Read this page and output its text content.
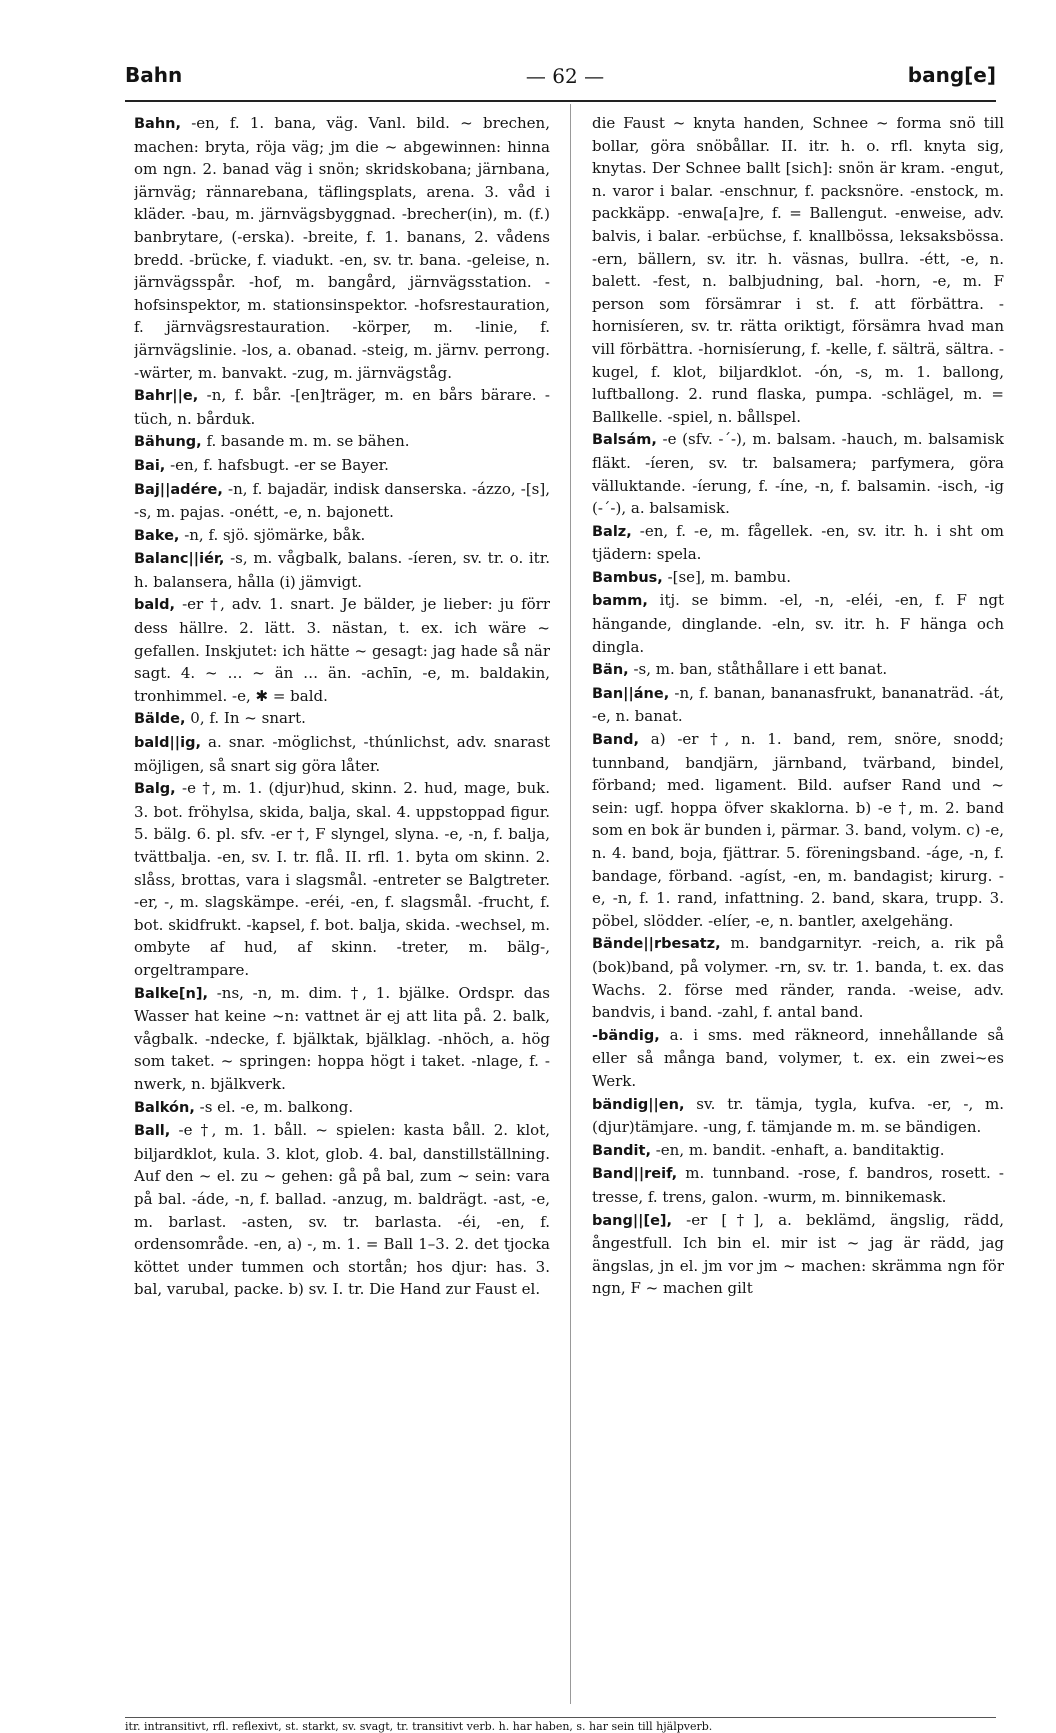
Bahn	— 62 —	bang[e]

Bahn, -en, f. 1. bana, väg. Vanl. bild. ~ brechen, machen: bryta, röja väg; jm die ~ abgewinnen: hinna om ngn. 2. banad väg i snön; skridskobana; järnbana, järnväg; rännarebana, täflingsplats, arena. 3. våd i kläder. -bau, m. järnvägsbyggnad. -brecher(in), m. (f.) banbrytare, (-erska). -breite, f. 1. banans, 2. vådens bredd. -brücke, f. viadukt. -en, sv. tr. bana. -geleise, n. järnvägsspår. -hof, m. bangård, järnvägsstation. -hofsinspektor, m. stationsinspektor. -hofsrestauration, f. järnvägsrestauration. -körper, m. -linie, f. järnvägslinie. -los, a. obanad. -steig, m. järnv. perrong. -wärter, m. banvakt. -zug, m. järnvägståg.

Bahr||e, -n, f. bår. -[en]träger, m. en bårs bärare. -tüch, n. bårduk.

Bähung, f. basande m. m. se bähen.

Bai, -en, f. hafsbugt. -er se Bayer.

Baj||adére, -n, f. bajadär, indisk danserska. -ázzo, -[s], -s, m. pajas. -onétt, -e, n. bajonett.

Bake, -n, f. sjö. sjömärke, båk.

Balanc||iér, -s, m. vågbalk, balans. -íeren, sv. tr. o. itr. h. balansera, hålla (i) jämvigt.

bald, -er †, adv. 1. snart. Je bälder, je lieber: ju förr dess hällre. 2. lätt. 3. nästan, t. ex. ich wäre ~ gefallen. Inskjutet: ich hätte ~ gesagt: jag hade så när sagt. 4. ~ … ~ än … än. -achīn, -e, m. baldakin, tronhimmel. -e, ✱ = bald.

Bälde, 0, f. In ~ snart.

bald||ig, a. snar. -möglichst, -thúnlichst, adv. snarast möjligen, så snart sig göra låter.

Balg, -e †, m. 1. (djur)hud, skinn. 2. hud, mage, buk. 3. bot. fröhylsa, skida, balja, skal. 4. uppstoppad figur. 5. bälg. 6. pl. sfv. -er †, F slyngel, slyna. -e, -n, f. balja, tvättbalja. -en, sv. I. tr. flå. II. rfl. 1. byta om skinn. 2. slåss, brottas, vara i slagsmål. -entreter se Balgtreter. -er, -, m. slagskämpe. -eréi, -en, f. slagsmål. -frucht, f. bot. skidfrukt. -kapsel, f. bot. balja, skida. -wechsel, m. ombyte af hud, af skinn. -treter, m. bälg-, orgeltrampare.

Balke[n], -ns, -n, m. dim. †, 1. bjälke. Ordspr. das Wasser hat keine ~n: vattnet är ej att lita på. 2. balk, vågbalk. -ndecke, f. bjälktak, bjälklag. -nhöch, a. hög som taket. ~ springen: hoppa högt i taket. -nlage, f. -nwerk, n. bjälkverk.

Balkón, -s el. -e, m. balkong.

Ball, -e †, m. 1. båll. ~ spielen: kasta båll. 2. klot, biljardklot, kula. 3. klot, glob. 4. bal, danstillställning. Auf den ~ el. zu ~ gehen: gå på bal, zum ~ sein: vara på bal. -áde, -n, f. ballad. -anzug, m. baldrägt. -ast, -e, m. barlast. -asten, sv. tr. barlasta. -éi, -en, f. ordensområde. -en, a) -, m. 1. = Ball 1–3. 2. det tjocka köttet under tummen och stortån; hos djur: has. 3. bal, varubal, packe. b) sv. I. tr. Die Hand zur Faust el.

die Faust ~ knyta handen, Schnee ~ forma snö till bollar, göra snöbållar. II. itr. h. o. rfl. knyta sig, knytas. Der Schnee ballt [sich]: snön är kram. -engut, n. varor i balar. -enschnur, f. packsnöre. -enstock, m. packkäpp. -enwa[a]re, f. = Ballengut. -enweise, adv. balvis, i balar. -erbüchse, f. knallbössa, leksaksbössa. -ern, bällern, sv. itr. h. väsnas, bullra. -étt, -e, n. balett. -fest, n. balbjudning, bal. -horn, -e, m. F person som försämrar i st. f. att förbättra. -hornisíeren, sv. tr. rätta oriktigt, försämra hvad man vill förbättra. -hornisíerung, f. -kelle, f. sälträ, sältra. -kugel, f. klot, biljardklot. -ón, -s, m. 1. ballong, luftballong. 2. rund flaska, pumpa. -schlägel, m. = Ballkelle. -spiel, n. bållspel.

Balsám, -e (sfv. -´-), m. balsam. -hauch, m. balsamisk fläkt. -íeren, sv. tr. balsamera; parfymera, göra välluktande. -íerung, f. -íne, -n, f. balsamin. -isch, -ig (-´-), a. balsamisk.

Balz, -en, f. -e, m. fågellek. -en, sv. itr. h. i sht om tjädern: spela.

Bambus, -[se], m. bambu.

bamm, itj. se bimm. -el, -n, -eléi, -en, f. F ngt hängande, dinglande. -eln, sv. itr. h. F hänga och dingla.

Bän, -s, m. ban, ståthållare i ett banat.

Ban||áne, -n, f. banan, bananasfrukt, bananaträd. -át, -e, n. banat.

Band, a) -er †, n. 1. band, rem, snöre, snodd; tunnband, bandjärn, järnband, tvärband, bindel, förband; med. ligament. Bild. aufser Rand und ~ sein: ugf. hoppa öfver skaklorna. b) -e †, m. 2. band som en bok är bunden i, pärmar. 3. band, volym. c) -e, n. 4. band, boja, fjättrar. 5. föreningsband. -áge, -n, f. bandage, förband. -agíst, -en, m. bandagist; kirurg. -e, -n, f. 1. rand, infattning. 2. band, skara, trupp. 3. pöbel, slödder. -elíer, -e, n. bantler, axelgehäng.

Bände||rbesatz, m. bandgarnityr. -reich, a. rik på (bok)band, på volymer. -rn, sv. tr. 1. banda, t. ex. das Wachs. 2. förse med ränder, randa. -weise, adv. bandvis, i band. -zahl, f. antal band.

-bändig, a. i sms. med räkneord, innehållande så eller så många band, volymer, t. ex. ein zwei~es Werk.

bändig||en, sv. tr. tämja, tygla, kufva. -er, -, m. (djur)tämjare. -ung, f. tämjande m. m. se bändigen.

Bandit, -en, m. bandit. -enhaft, a. banditaktig.

Band||reif, m. tunnband. -rose, f. bandros, rosett. -tresse, f. trens, galon. -wurm, m. binnikemask.

bang||[e], -er [†], a. beklämd, ängslig, rädd, ångestfull. Ich bin el. mir ist ~ jag är rädd, jag ängslas, jn el. jm vor jm ~ machen: skrämma ngn för ngn, F ~ machen gilt

itr. intransitivt, rfl. reflexivt, st. starkt, sv. svagt, tr. transitivt verb. h. har haben, s. har sein till hjälpverb.
